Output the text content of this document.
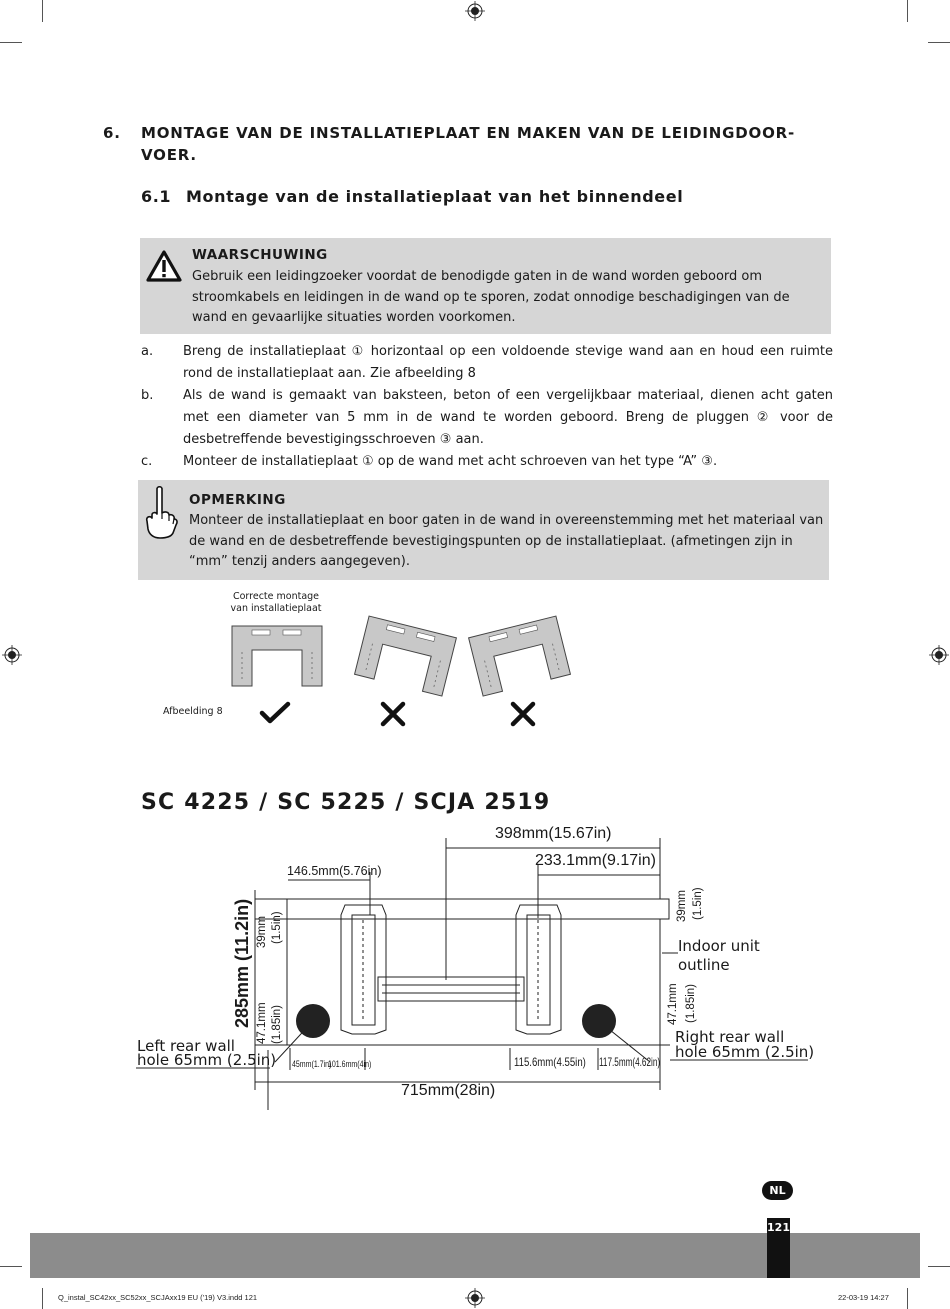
6. MONTAGE VAN DE INSTALLATIEPLAAT EN MAKEN VAN DE LEIDINGDOOR-VOER.
6.1 Montage van de installatieplaat van het binnendeel
WAARSCHUWING
Gebruik een leidingzoeker voordat de benodigde gaten in de wand worden geboord om stroomkabels en leidingen in de wand op te sporen, zodat onnodige beschadigingen van de wand en gevaarlijke situaties worden voorkomen.
a. Breng de installatieplaat ① horizontaal op een voldoende stevige wand aan en houd een ruimte rond de installatieplaat aan. Zie afbeelding 8
b. Als de wand is gemaakt van baksteen, beton of een vergelijkbaar materiaal, dienen acht gaten met een diameter van 5 mm in de wand te worden geboord. Breng de pluggen ② voor de desbetreffende bevestigingsschroeven ③ aan.
c. Monteer de installatieplaat ① op de wand met acht schroeven van het type “A” ③.
OPMERKING
Monteer de installatieplaat en boor gaten in de wand in overeenstemming met het materiaal van de wand en de desbetreffende bevestigingspunten op de installatieplaat. (afmetingen zijn in “mm” tenzij anders aangegeven).
Correcte montage
van installatieplaat
Afbeelding 8
SC 4225 / SC 5225 / SCJA 2519
398mm(15.67in)
233.1mm(9.17in)
146.5mm(5.76in)
285mm (11.2in) 39mm (1.5in)
47.1mm (1.85in)
39mm (1.5in)
47.1mm (1.85in)
Indoor unit
outline
Left rear wall
hole 65mm (2.5in)
Right rear wall
hole 65mm (2.5in)
45mm(1.7in)
101.6mm(4in)	115.6mm(4.55in) 117.5mm(4.62in)
715mm(28in)
NL
121
Q_instal_SC42xx_SC52xx_SCJAxx19 EU ('19) V3.indd 121	22-03-19 14:27
